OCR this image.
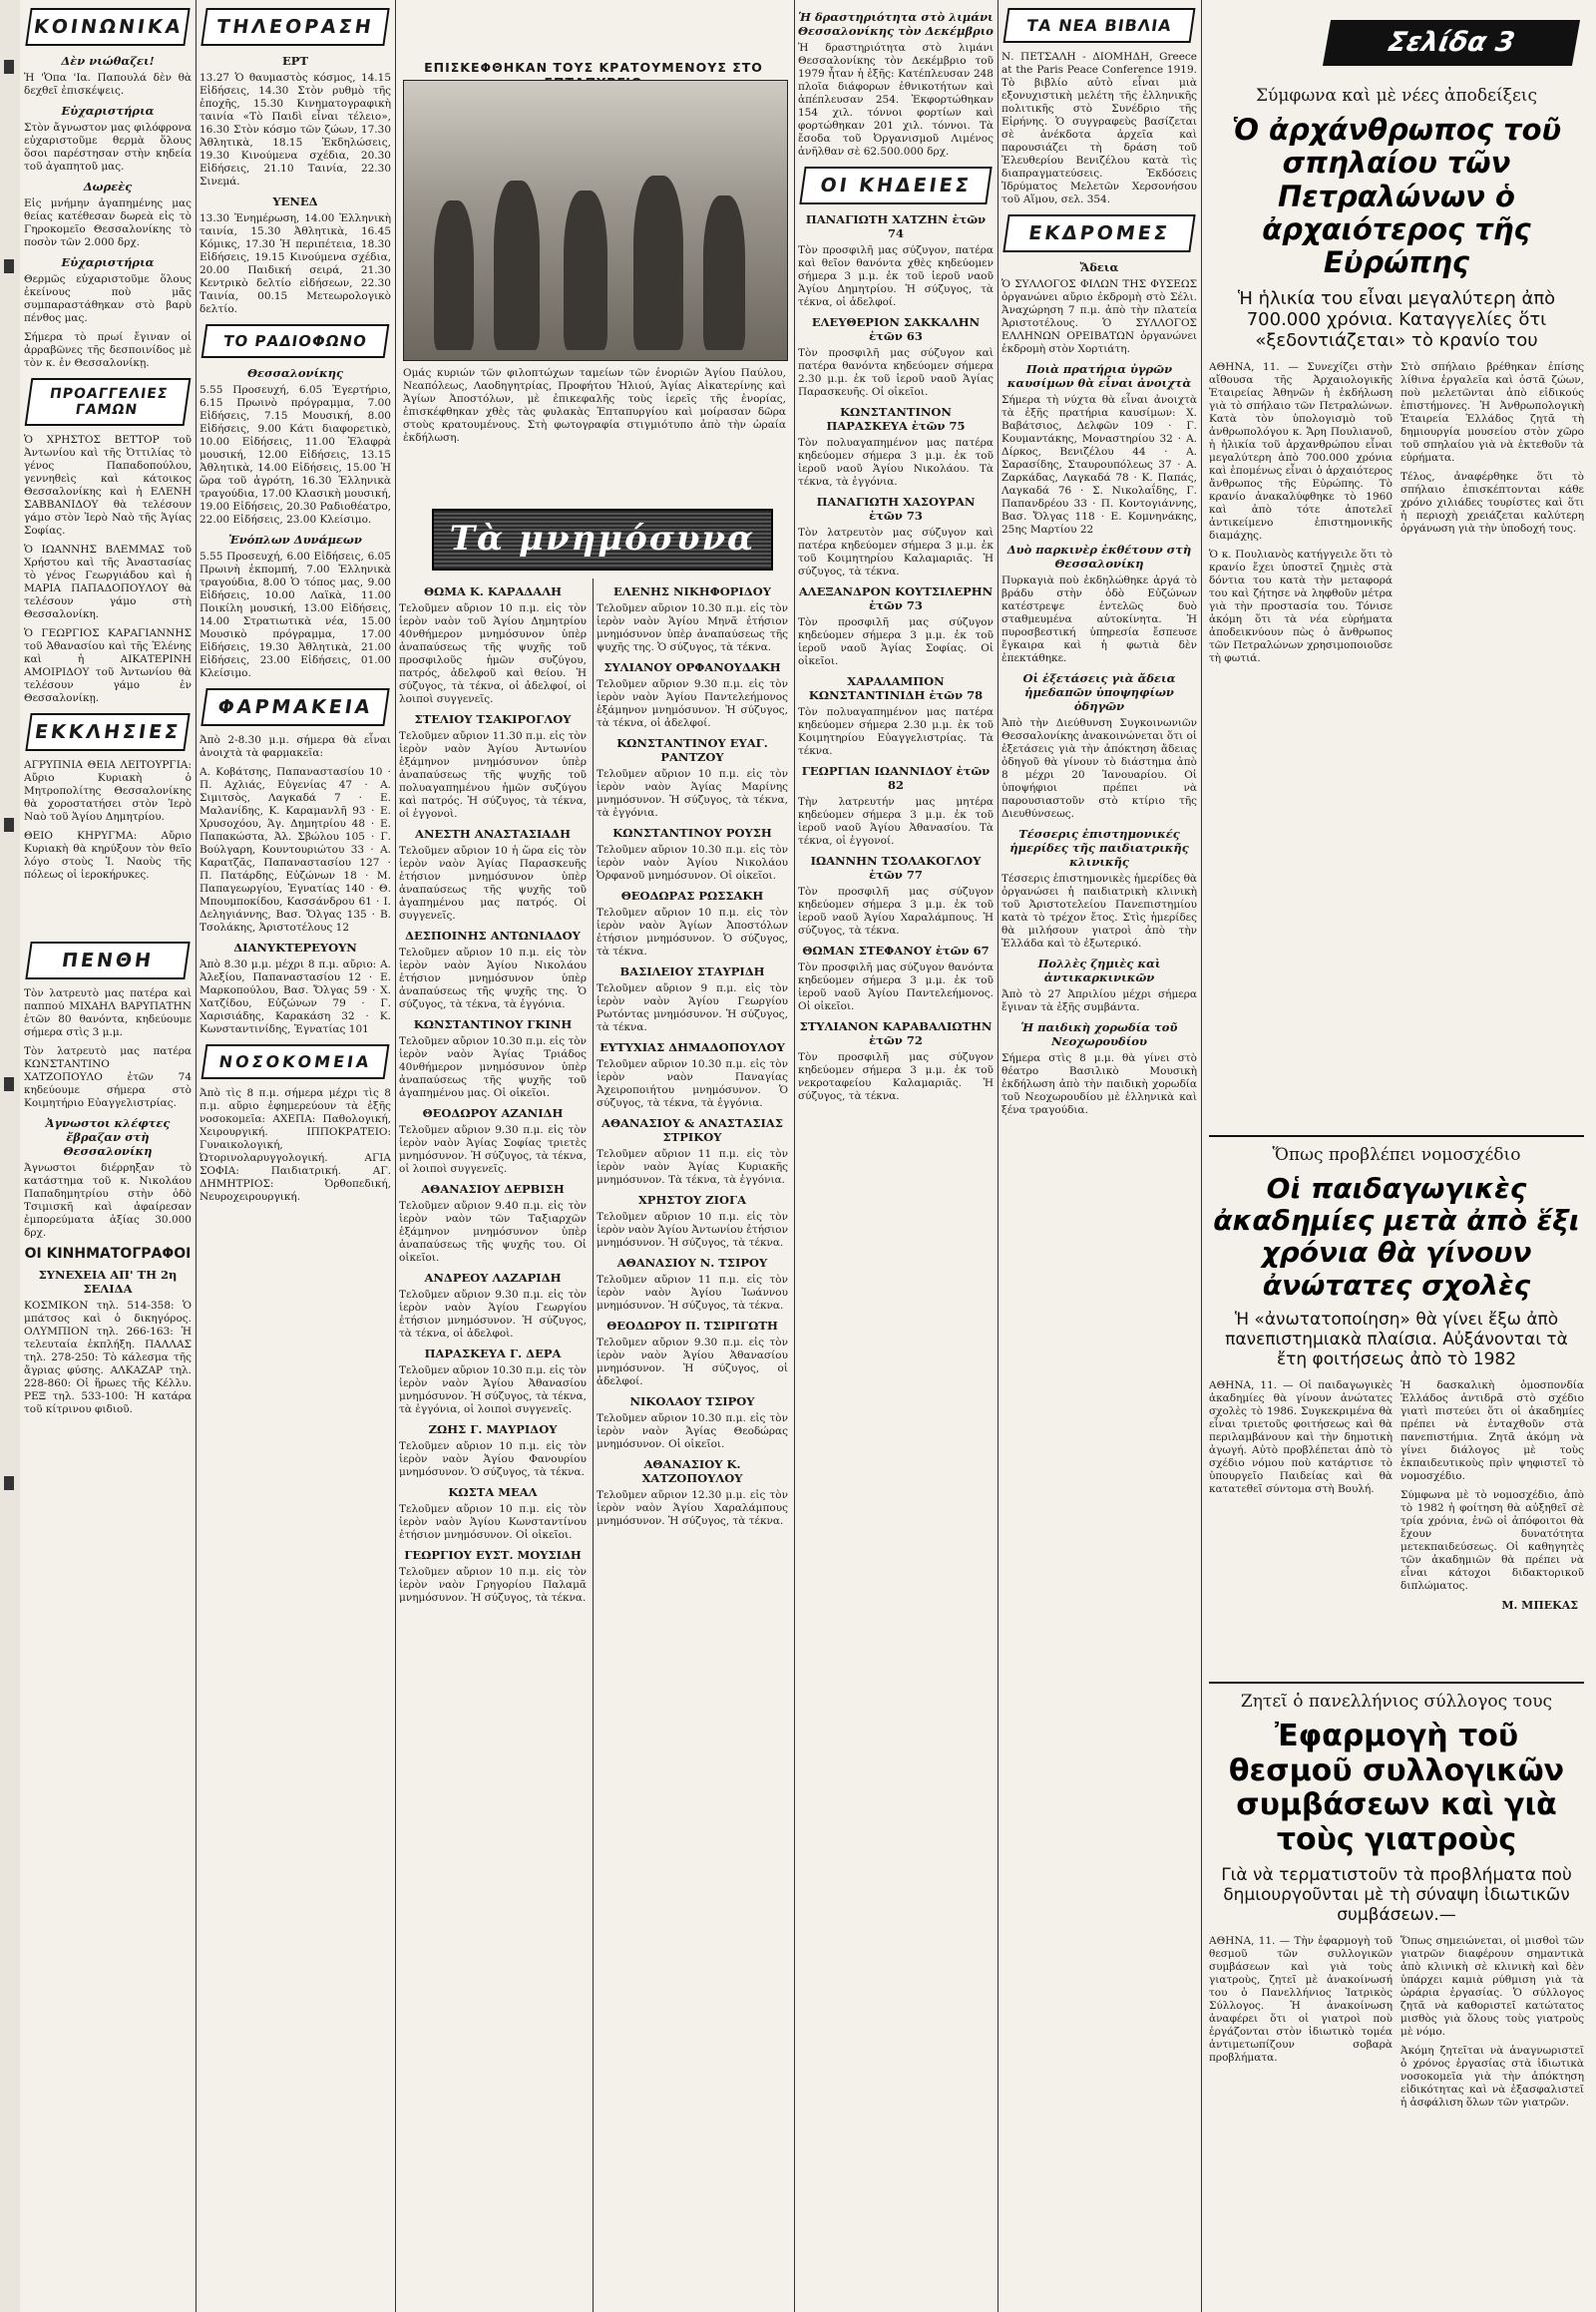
ΚΟΙΝΩΝΙΚΑ
Δὲν νιώθαζει!

Ἡ 'Ὁπα 'Ια. Παπουλά δὲν θὰ δεχθεῖ ἐπισκέψεις.

Εὐχαριστήρια

Στὸν ἄγνωστον μας φιλόφρονα εὐχαριστοῦμε θερμὰ ὅλους ὅσοι παρέστησαν στὴν κηδεία τοῦ ἀγαπητοῦ μας.

Δωρεὲς

Εἰς μνήμην ἀγαπημένης μας θείας κατέθεσαν δωρεὰ εἰς τὸ Γηροκομεῖο Θεσσαλονίκης τὸ ποσὸν τῶν 2.000 δρχ.

Εὐχαριστήρια

Θερμῶς εὐχαριστοῦμε ὅλους ἐκείνους ποὺ μᾶς συμπαραστάθηκαν στὸ βαρὺ πένθος μας.

Σήμερα τὸ πρωί ἔγιναν οἱ ἀρραβῶνες τῆς δεσποινίδος μὲ τὸν κ. ἐν Θεσσαλονίκῃ.

ΠΡΟΑΓΓΕΛΙΕΣ ΓΑΜΩΝ

Ὁ ΧΡΗΣΤΟΣ ΒΕΤΤΟΡ τοῦ Ἀντωνίου καὶ τῆς Ὀττιλίας τὸ γένος Παπαδοπούλου, γεννηθεὶς καὶ κάτοικος Θεσσαλονίκης καὶ ἡ ΕΛΕΝΗ ΣΑΒΒΑΝΙΔΟΥ θὰ τελέσουν γάμο στὸν Ἱερὸ Ναὸ τῆς Ἁγίας Σοφίας.

Ὁ ΙΩΑΝΝΗΣ ΒΛΕΜΜΑΣ τοῦ Χρήστου καὶ τῆς Ἀναστασίας τὸ γένος Γεωργιάδου καὶ ἡ ΜΑΡΙΑ ΠΑΠΑΔΟΠΟΥΛΟΥ θὰ τελέσουν γάμο στὴ Θεσσαλονίκη.

Ὁ ΓΕΩΡΓΙΟΣ ΚΑΡΑΓΙΑΝΝΗΣ τοῦ Ἀθανασίου καὶ τῆς Ἑλένης καὶ ἡ ΑΙΚΑΤΕΡΙΝΗ ΑΜΟΙΡΙΔΟΥ τοῦ Ἀντωνίου θὰ τελέσουν γάμο ἐν Θεσσαλονίκῃ.

ΕΚΚΛΗΣΙΕΣ

ΑΓΡΥΠΝΙΑ ΘΕΙΑ ΛΕΙΤΟΥΡΓΙΑ: Αὔριο Κυριακὴ ὁ Μητροπολίτης Θεσσαλονίκης θὰ χοροστατήσει στὸν Ἱερὸ Ναὸ τοῦ Ἁγίου Δημητρίου.

ΘΕΙΟ ΚΗΡΥΓΜΑ: Αὔριο Κυριακὴ θὰ κηρύξουν τὸν θεῖο λόγο στοὺς Ἱ. Ναοὺς τῆς πόλεως οἱ ἱεροκήρυκες.

ΠΕΝΘΗ

Τὸν λατρευτὸ μας πατέρα καὶ παππού ΜΙΧΑΗΛ ΒΑΡΥΠΑΤΗΝ ἐτῶν 80 θανόντα, κηδεύουμε σήμερα στὶς 3 μ.μ.

Τὸν λατρευτὸ μας πατέρα ΚΩΝΣΤΑΝΤΙΝΟ ΧΑΤΖΟΠΟΥΛΟ ἐτῶν 74 κηδεύουμε σήμερα στὸ Κοιμητήριο Εὐαγγελιστρίας.

Ἀγνωστοι κλέφτες ἔβραζαν στὴ Θεσσαλονίκη

Ἀγνωστοι διέρρηξαν τὸ κατάστημα τοῦ κ. Νικολάου Παπαδημητρίου στὴν ὁδὸ Τσιμισκῆ καὶ ἀφαίρεσαν ἐμπορεύματα ἀξίας 30.000 δρχ.

ΟΙ ΚΙΝΗΜΑΤΟΓΡΑΦΟΙ
ΣΥΝΕΧΕΙΑ ΑΠ' ΤΗ 2η ΣΕΛΙΔΑ

ΚΟΣΜΙΚΟΝ τηλ. 514-358: Ὁ μπάτσος καὶ ὁ δικηγόρος. ΟΛΥΜΠΙΟΝ τηλ. 266-163: Ἡ τελευταία ἐκπλήξη. ΠΑΛΛΑΣ τηλ. 278-250: Τὸ κάλεσμα τῆς ἄγριας φύσης. ΑΛΚΑΖΑΡ τηλ. 228-860: Οἱ ἥρωες τῆς Κέλλυ. ΡΕΞ τηλ. 533-100: Ἡ κατάρα τοῦ κίτρινου φιδιοῦ.

ΤΗΛΕΟΡΑΣΗ
ΕΡΤ

13.27 Ὁ θαυμαστὸς κόσμος, 14.15 Εἰδήσεις, 14.30 Στὸν ρυθμὸ τῆς ἐποχῆς, 15.30 Κινηματογραφικὴ ταινία «Τὸ Παιδὶ εἶναι τέλειο», 16.30 Στὸν κόσμο τῶν ζώων, 17.30 Ἀθλητικὰ, 18.15 Ἐκδηλώσεις, 19.30 Κινούμενα σχέδια, 20.30 Εἰδήσεις, 21.10 Ταινία, 22.30 Σινεμά.

ΥΕΝΕΔ

13.30 Ἐνημέρωση, 14.00 Ἑλληνικὴ ταινία, 15.30 Ἀθλητικὰ, 16.45 Κόμικς, 17.30 Ἡ περιπέτεια, 18.30 Εἰδήσεις, 19.15 Κινούμενα σχέδια, 20.00 Παιδική σειρά, 21.30 Κεντρικὸ δελτίο εἰδήσεων, 22.30 Ταινία, 00.15 Μετεωρολογικὸ δελτίο.

ΤΟ ΡΑΔΙΟΦΩΝΟ
Θεσσαλονίκης

5.55 Προσευχή, 6.05 Ἐγερτήριο, 6.15 Πρωινὸ πρόγραμμα, 7.00 Εἰδήσεις, 7.15 Μουσική, 8.00 Εἰδήσεις, 9.00 Κάτι διαφορετικὸ, 10.00 Εἰδήσεις, 11.00 Ἐλαφρὰ μουσική, 12.00 Εἰδήσεις, 13.15 Ἀθλητικὰ, 14.00 Εἰδήσεις, 15.00 Ἡ ὥρα τοῦ ἀγρότη, 16.30 Ἑλληνικὰ τραγούδια, 17.00 Κλασικὴ μουσική, 19.00 Εἰδήσεις, 20.30 Ραδιοθέατρο, 22.00 Εἰδήσεις, 23.00 Κλείσιμο.

Ἐνόπλων Δυνάμεων

5.55 Προσευχή, 6.00 Εἰδήσεις, 6.05 Πρωινὴ ἐκπομπή, 7.00 Ἑλληνικὰ τραγούδια, 8.00 Ὁ τόπος μας, 9.00 Εἰδήσεις, 10.00 Λαϊκὰ, 11.00 Ποικίλη μουσική, 13.00 Εἰδήσεις, 14.00 Στρατιωτικὰ νέα, 15.00 Μουσικὸ πρόγραμμα, 17.00 Εἰδήσεις, 19.30 Ἀθλητικὰ, 21.00 Εἰδήσεις, 23.00 Εἰδήσεις, 01.00 Κλείσιμο.

ΦΑΡΜΑΚΕΙΑ

Ἀπὸ 2-8.30 μ.μ. σήμερα θὰ εἶναι ἀνοιχτὰ τὰ φαρμακεῖα:

Α. Κοβάτσης, Παπαναστασίου 10 · Π. Αχλιάς, Εὐγενίας 47 · Α. Σιμιτσὸς, Λαγκαδά 7 · Ε. Μαλανίδης, Κ. Καραμανλῆ 93 · Ε. Χρυσοχόου, Ἁγ. Δημητρίου 48 · Ε. Παπακώστα, Ἀλ. Σβώλου 105 · Γ. Βούλγαρη, Κουντουριώτου 33 · Α. Καρατζᾶς, Παπαναστασίου 127 · Π. Πατάρδης, Εὐζώνων 18 · Μ. Παπαγεωργίου, Ἐγνατίας 140 · Θ. Μπουμποκίδου, Κασσάνδρου 61 · Ι. Δεληγιάννης, Βασ. Ὄλγας 135 · Β. Τσολάκης, Ἀριστοτέλους 12

ΔΙΑΝΥΚΤΕΡΕΥΟΥΝ

Ἀπὸ 8.30 μ.μ. μέχρι 8 π.μ. αὔριο: Α. Ἀλεξίου, Παπαναστασίου 12 · Ε. Μαρκοπούλου, Βασ. Ὄλγας 59 · Χ. Χατζίδου, Εὐζώνων 79 · Γ. Χαρισιάδης, Καρακάση 32 · Κ. Κωνσταντινίδης, Ἐγνατίας 101

ΝΟΣΟΚΟΜΕΙΑ

Ἀπὸ τὶς 8 π.μ. σήμερα μέχρι τὶς 8 π.μ. αὔριο ἐφημερεύουν τὰ ἑξῆς νοσοκομεῖα: ΑΧΕΠΑ: Παθολογική, Χειρουργική. ΙΠΠΟΚΡΑΤΕΙΟ: Γυναικολογική, Ὠτορινολαρυγγολογική. ΑΓΙΑ ΣΟΦΙΑ: Παιδιατρική. ΑΓ. ΔΗΜΗΤΡΙΟΣ: Ὀρθοπεδική, Νευροχειρουργική.

ΕΠΙΣΚΕΦΘΗΚΑΝ ΤΟΥΣ ΚΡΑΤΟΥΜΕΝΟΥΣ ΣΤΟ
Ομάς κυριών τῶν φιλοπτώχων ταμείων τῶν ἐνοριῶν Ἁγίου Παύλου, Νεαπόλεως, Λαοδηγητρίας, Προφήτου Ἠλιού, Ἁγίας Αἰκατερίνης καὶ Ἁγίων Ἀποστόλων, μὲ ἐπικεφαλῆς τοὺς ἱερεῖς τῆς ἐνορίας, ἐπισκέφθηκαν χθὲς τὰς φυλακὰς Ἑπταπυργίου καὶ μοίρασαν δῶρα στοὺς κρατουμένους. Στὴ φωτογραφία στιγμιότυπο ἀπὸ τὴν ὡραία ἐκδήλωση.
Τὰ μνημόσυνα
ΘΩΜΑ Κ. ΚΑΡΑΔΑΛΗ

Τελοῦμεν αὔριον 10 π.μ. εἰς τὸν ἱερὸν ναὸν τοῦ Ἁγίου Δημητρίου 40νθήμερον μνημόσυνον ὑπὲρ ἀναπαύσεως τῆς ψυχῆς τοῦ προσφιλοῦς ἡμῶν συζύγου, πατρός, ἀδελφοῦ καὶ θείου. Ἡ σύζυγος, τὰ τέκνα, οἱ ἀδελφοί, οἱ λοιποὶ συγγενεῖς.

ΣΤΕΛΙΟΥ ΤΣΑΚΙΡΟΓΛΟΥ

Τελοῦμεν αὔριον 11.30 π.μ. εἰς τὸν ἱερὸν ναὸν Ἁγίου Ἀντωνίου ἑξάμηνον μνημόσυνον ὑπὲρ ἀναπαύσεως τῆς ψυχῆς τοῦ πολυαγαπημένου ἡμῶν συζύγου καὶ πατρός. Ἡ σύζυγος, τὰ τέκνα, οἱ ἐγγονοὶ.

ΑΝΕΣΤΗ ΑΝΑΣΤΑΣΙΑΔΗ

Τελοῦμεν αὔριον 10 ἡ ὥρα εἰς τὸν ἱερὸν ναὸν Ἁγίας Παρασκευῆς ἐτήσιον μνημόσυνον ὑπὲρ ἀναπαύσεως τῆς ψυχῆς τοῦ ἀγαπημένου μας πατρός. Οἱ συγγενεῖς.

ΔΕΣΠΟΙΝΗΣ ΑΝΤΩΝΙΑΔΟΥ

Τελοῦμεν αὔριον 10 π.μ. εἰς τὸν ἱερὸν ναὸν Ἁγίου Νικολάου ἐτήσιον μνημόσυνον ὑπὲρ ἀναπαύσεως τῆς ψυχῆς της. Ὁ σύζυγος, τὰ τέκνα, τὰ ἐγγόνια.

ΚΩΝΣΤΑΝΤΙΝΟΥ ΓΚΙΝΗ

Τελοῦμεν αὔριον 10.30 π.μ. εἰς τὸν ἱερὸν ναὸν Ἁγίας Τριάδος 40νθήμερον μνημόσυνον ὑπὲρ ἀναπαύσεως τῆς ψυχῆς τοῦ ἀγαπημένου μας. Οἱ οἰκεῖοι.

ΘΕΟΔΩΡΟΥ ΑΖΑΝΙΔΗ

Τελοῦμεν αὔριον 9.30 π.μ. εἰς τὸν ἱερὸν ναὸν Ἁγίας Σοφίας τριετὲς μνημόσυνον. Ἡ σύζυγος, τὰ τέκνα, οἱ λοιποὶ συγγενεῖς.

ΑΘΑΝΑΣΙΟΥ ΔΕΡΒΙΣΗ

Τελοῦμεν αὔριον 9.40 π.μ. εἰς τὸν ἱερὸν ναὸν τῶν Ταξιαρχῶν ἑξάμηνον μνημόσυνον ὑπὲρ ἀναπαύσεως τῆς ψυχῆς του. Οἱ οἰκεῖοι.

ΑΝΔΡΕΟΥ ΛΑΖΑΡΙΔΗ

Τελοῦμεν αὔριον 9.30 π.μ. εἰς τὸν ἱερὸν ναὸν Ἁγίου Γεωργίου ἐτήσιον μνημόσυνον. Ἡ σύζυγος, τὰ τέκνα, οἱ ἀδελφοὶ.

ΠΑΡΑΣΚΕΥΑ Γ. ΔΕΡΑ

Τελοῦμεν αὔριον 10.30 π.μ. εἰς τὸν ἱερὸν ναὸν Ἁγίου Ἀθανασίου μνημόσυνον. Ἡ σύζυγος, τὰ τέκνα, τὰ ἐγγόνια, οἱ λοιποὶ συγγενεῖς.

ΖΩΗΣ Γ. ΜΑΥΡΙΔΟΥ

Τελοῦμεν αὔριον 10 π.μ. εἰς τὸν ἱερὸν ναὸν Ἁγίου Φανουρίου μνημόσυνον. Ὁ σύζυγος, τὰ τέκνα.

ΚΩΣΤΑ ΜΕΑΛ

Τελοῦμεν αὔριον 10 π.μ. εἰς τὸν ἱερὸν ναὸν Ἁγίου Κωνσταντίνου ἐτήσιον μνημόσυνον. Οἱ οἰκεῖοι.

ΓΕΩΡΓΙΟΥ ΕΥΣΤ. ΜΟΥΣΙΔΗ

Τελοῦμεν αὔριον 10 π.μ. εἰς τὸν ἱερὸν ναὸν Γρηγορίου Παλαμᾶ μνημόσυνον. Ἡ σύζυγος, τὰ τέκνα.

ΕΛΕΝΗΣ ΝΙΚΗΦΟΡΙΔΟΥ

Τελοῦμεν αὔριον 10.30 π.μ. εἰς τὸν ἱερὸν ναὸν Ἁγίου Μηνᾶ ἐτήσιον μνημόσυνον ὑπὲρ ἀναπαύσεως τῆς ψυχῆς της. Ὁ σύζυγος, τὰ τέκνα.

ΣΥΛΙΑΝΟΥ ΟΡΦΑΝΟΥΔΑΚΗ

Τελοῦμεν αὔριον 9.30 π.μ. εἰς τὸν ἱερὸν ναὸν Ἁγίου Παντελεήμονος ἑξάμηνον μνημόσυνον. Ἡ σύζυγος, τὰ τέκνα, οἱ ἀδελφοί.

ΚΩΝΣΤΑΝΤΙΝΟΥ ΕΥΑΓ. ΡΑΝΤΖΟΥ

Τελοῦμεν αὔριον 10 π.μ. εἰς τὸν ἱερὸν ναὸν Ἁγίας Μαρίνης μνημόσυνον. Ἡ σύζυγος, τὰ τέκνα, τὰ ἐγγόνια.

ΚΩΝΣΤΑΝΤΙΝΟΥ ΡΟΥΣΗ

Τελοῦμεν αὔριον 10.30 π.μ. εἰς τὸν ἱερὸν ναὸν Ἁγίου Νικολάου Ὀρφανοῦ μνημόσυνον. Οἱ οἰκεῖοι.

ΘΕΟΔΩΡΑΣ ΡΩΣΣΑΚΗ

Τελοῦμεν αὔριον 10 π.μ. εἰς τὸν ἱερὸν ναὸν Ἁγίων Ἀποστόλων ἐτήσιον μνημόσυνον. Ὁ σύζυγος, τὰ τέκνα.

ΒΑΣΙΛΕΙΟΥ ΣΤΑΥΡΙΔΗ

Τελοῦμεν αὔριον 9 π.μ. εἰς τὸν ἱερὸν ναὸν Ἁγίου Γεωργίου Ρωτόντας μνημόσυνον. Ἡ σύζυγος, τὰ τέκνα.

ΕΥΤΥΧΙΑΣ ΔΗΜΑΔΟΠΟΥΛΟΥ

Τελοῦμεν αὔριον 10.30 π.μ. εἰς τὸν ἱερὸν ναὸν Παναγίας Ἀχειροποιήτου μνημόσυνον. Ὁ σύζυγος, τὰ τέκνα, τὰ ἐγγόνια.

ΑΘΑΝΑΣΙΟΥ & ΑΝΑΣΤΑΣΙΑΣ ΣΤΡΙΚΟΥ

Τελοῦμεν αὔριον 11 π.μ. εἰς τὸν ἱερὸν ναὸν Ἁγίας Κυριακῆς μνημόσυνον. Τὰ τέκνα, τὰ ἐγγόνια.

ΧΡΗΣΤΟΥ ΖΙΟΓΑ

Τελοῦμεν αὔριον 10 π.μ. εἰς τὸν ἱερὸν ναὸν Ἁγίου Ἀντωνίου ἐτήσιον μνημόσυνον. Ἡ σύζυγος, τὰ τέκνα.

ΑΘΑΝΑΣΙΟΥ Ν. ΤΣΙΡΟΥ

Τελοῦμεν αὔριον 11 π.μ. εἰς τὸν ἱερὸν ναὸν Ἁγίου Ἰωάννου μνημόσυνον. Ἡ σύζυγος, τὰ τέκνα.

ΘΕΟΔΩΡΟΥ Π. ΤΣΙΡΙΓΩΤΗ

Τελοῦμεν αὔριον 9.30 π.μ. εἰς τὸν ἱερὸν ναὸν Ἁγίου Ἀθανασίου μνημόσυνον. Ἡ σύζυγος, οἱ ἀδελφοί.

ΝΙΚΟΛΑΟΥ ΤΣΙΡΟΥ

Τελοῦμεν αὔριον 10.30 π.μ. εἰς τὸν ἱερὸν ναὸν Ἁγίας Θεοδώρας μνημόσυνον. Οἱ οἰκεῖοι.

ΑΘΑΝΑΣΙΟΥ Κ. ΧΑΤΖΟΠΟΥΛΟΥ

Τελοῦμεν αὔριον 12.30 μ.μ. εἰς τὸν ἱερὸν ναὸν Ἁγίου Χαραλάμπους μνημόσυνον. Ἡ σύζυγος, τὰ τέκνα.

Ἡ δραστηριότητα στὸ λιμάνι Θεσσαλονίκης τὸν Δεκέμβριο

Ἡ δραστηριότητα στὸ λιμάνι Θεσσαλονίκης τὸν Δεκέμβριο τοῦ 1979 ἦταν ἡ ἑξῆς: Κατέπλευσαν 248 πλοῖα διάφορων ἐθνικοτήτων καὶ ἀπέπλευσαν 254. Ἐκφορτώθηκαν 154 χιλ. τόννοι φορτίων καὶ φορτώθηκαν 201 χιλ. τόννοι. Τὰ ἔσοδα τοῦ Ὀργανισμοῦ Λιμένος ἀνῆλθαν σὲ 62.500.000 δρχ.

ΟΙ ΚΗΔΕΙΕΣ
ΠΑΝΑΓΙΩΤΗ ΧΑΤΖΗΝ ἐτῶν 74

Τὸν προσφιλῆ μας σύζυγον, πατέρα καὶ θεῖον θανόντα χθὲς κηδεύομεν σήμερα 3 μ.μ. ἐκ τοῦ ἱεροῦ ναοῦ Ἁγίου Δημητρίου. Ἡ σύζυγος, τὰ τέκνα, οἱ ἀδελφοί.

ΕΛΕΥΘΕΡΙΟΝ ΣΑΚΚΑΛΗΝ ἐτῶν 63

Τὸν προσφιλῆ μας σύζυγον καὶ πατέρα θανόντα κηδεύομεν σήμερα 2.30 μ.μ. ἐκ τοῦ ἱεροῦ ναοῦ Ἁγίας Παρασκευῆς. Οἱ οἰκεῖοι.

ΚΩΝΣΤΑΝΤΙΝΟΝ ΠΑΡΑΣΚΕΥΑ ἐτῶν 75

Τὸν πολυαγαπημένον μας πατέρα κηδεύομεν σήμερα 3 μ.μ. ἐκ τοῦ ἱεροῦ ναοῦ Ἁγίου Νικολάου. Τὰ τέκνα, τὰ ἐγγόνια.

ΠΑΝΑΓΙΩΤΗ ΧΑΣΟΥΡΑΝ ἐτῶν 73

Τὸν λατρευτὸν μας σύζυγον καὶ πατέρα κηδεύομεν σήμερα 3 μ.μ. ἐκ τοῦ Κοιμητηρίου Καλαμαριᾶς. Ἡ σύζυγος, τὰ τέκνα.

ΑΛΕΞΑΝΔΡΟΝ ΚΟΥΤΣΙΛΕΡΗΝ ἐτῶν 73

Τὸν προσφιλῆ μας σύζυγον κηδεύομεν σήμερα 3 μ.μ. ἐκ τοῦ ἱεροῦ ναοῦ Ἁγίας Σοφίας. Οἱ οἰκεῖοι.

ΧΑΡΑΛΑΜΠΟΝ ΚΩΝΣΤΑΝΤΙΝΙΔΗ ἐτῶν 78

Τὸν πολυαγαπημένον μας πατέρα κηδεύομεν σήμερα 2.30 μ.μ. ἐκ τοῦ Κοιμητηρίου Εὐαγγελιστρίας. Τὰ τέκνα.

ΓΕΩΡΓΙΑΝ ΙΩΑΝΝΙΔΟΥ ἐτῶν 82

Τὴν λατρευτήν μας μητέρα κηδεύομεν σήμερα 3 μ.μ. ἐκ τοῦ ἱεροῦ ναοῦ Ἁγίου Ἀθανασίου. Τὰ τέκνα, οἱ ἐγγονοί.

ΙΩΑΝΝΗΝ ΤΣΟΛΑΚΟΓΛΟΥ ἐτῶν 77

Τὸν προσφιλῆ μας σύζυγον κηδεύομεν σήμερα 3 μ.μ. ἐκ τοῦ ἱεροῦ ναοῦ Ἁγίου Χαραλάμπους. Ἡ σύζυγος, τὰ τέκνα.

ΘΩΜΑΝ ΣΤΕΦΑΝΟΥ ἐτῶν 67

Τὸν προσφιλῆ μας σύζυγον θανόντα κηδεύομεν σήμερα 3 μ.μ. ἐκ τοῦ ἱεροῦ ναοῦ Ἁγίου Παντελεήμονος. Οἱ οἰκεῖοι.

ΣΤΥΛΙΑΝΟΝ ΚΑΡΑΒΑΛΙΩΤΗΝ ἐτῶν 72

Τὸν προσφιλῆ μας σύζυγον κηδεύομεν σήμερα 3 μ.μ. ἐκ τοῦ νεκροταφείου Καλαμαριᾶς. Ἡ σύζυγος, τὰ τέκνα.

ΤΑ ΝΕΑ ΒΙΒΛΙΑ

Ν. ΠΕΤΣΑΛΗ - ΔΙΟΜΗΔΗ, Greece at the Paris Peace Conference 1919. Τὸ βιβλίο αὐτὸ εἶναι μιὰ εξονυχιστικὴ μελέτη τῆς ἑλληνικῆς πολιτικῆς στὸ Συνέδριο τῆς Εἰρήνης. Ὁ συγγραφεὺς βασίζεται σὲ ἀνέκδοτα ἀρχεῖα καὶ παρουσιάζει τὴ δράση τοῦ Ἐλευθερίου Βενιζέλου κατὰ τὶς διαπραγματεύσεις. Ἐκδόσεις Ἱδρύματος Μελετῶν Χερσονήσου τοῦ Αἵμου, σελ. 354.

ΕΚΔΡΟΜΕΣ
Ἄδεια

Ὁ ΣΥΛΛΟΓΟΣ ΦΙΛΩΝ ΤΗΣ ΦΥΣΕΩΣ ὀργανώνει αὔριο ἐκδρομὴ στὸ Σέλι. Ἀναχώρηση 7 π.μ. ἀπὸ τὴν πλατεία Ἀριστοτέλους. Ὁ ΣΥΛΛΟΓΟΣ ΕΛΛΗΝΩΝ ΟΡΕΙΒΑΤΩΝ ὀργανώνει ἐκδρομὴ στὸν Χορτιάτη.

Ποιὰ πρατήρια ὑγρῶν καυσίμων θὰ εἶναι ἀνοιχτὰ

Σήμερα τὴ νύχτα θὰ εἶναι ἀνοιχτὰ τὰ ἑξῆς πρατήρια καυσίμων: Χ. Βαβάτσιος, Δελφῶν 109 · Γ. Κουμαντάκης, Μοναστηρίου 32 · Α. Δίρκος, Βενιζέλου 44 · Α. Σαρασίδης, Σταυρουπόλεως 37 · Α. Ζαρκάδας, Λαγκαδά 78 · Κ. Παπάς, Λαγκαδά 76 · Σ. Νικολαΐδης, Γ. Παπανδρέου 33 · Π. Κοντογιάννης, Βασ. Ὄλγας 118 · Ε. Κομνηνάκης, 25ης Μαρτίου 22

Δυὸ παρκινὲρ ἐκθέτουν στὴ Θεσσαλονίκη

Πυρκαγιὰ ποὺ ἐκδηλώθηκε ἀργά τὸ βράδυ στὴν ὁδὸ Εὐζώνων κατέστρεψε ἐντελῶς δυὸ σταθμευμένα αὐτοκίνητα. Ἡ πυροσβεστική ὑπηρεσία ἔσπευσε ἔγκαιρα καὶ ἡ φωτιὰ δὲν ἐπεκτάθηκε.

Οἱ ἐξετάσεις γιὰ ἄδεια ἡμεδαπῶν ὑποψηφίων ὁδηγῶν

Ἀπὸ τὴν Διεύθυνση Συγκοινωνιῶν Θεσσαλονίκης ἀνακοινώνεται ὅτι οἱ ἐξετάσεις γιὰ τὴν ἀπόκτηση ἄδειας ὁδηγοῦ θὰ γίνουν τὸ διάστημα ἀπὸ 8 μέχρι 20 Ἰανουαρίου. Οἱ ὑποψήφιοι πρέπει νὰ παρουσιαστοῦν στὸ κτίριο τῆς Διευθύνσεως.

Τέσσερις ἐπιστημονικές ἡμερίδες τῆς παιδιατρικῆς κλινικῆς

Τέσσερις ἐπιστημονικὲς ἡμερίδες θὰ ὀργανώσει ἡ παιδιατρικὴ κλινικὴ τοῦ Ἀριστοτελείου Πανεπιστημίου κατὰ τὸ τρέχον ἔτος. Στὶς ἡμερίδες θὰ μιλήσουν γιατροὶ ἀπὸ τὴν Ἑλλάδα καὶ τὸ ἐξωτερικό.

Πολλὲς ζημιὲς καὶ ἀντικαρκινικῶν

Ἀπὸ τὸ 27 Ἀπριλίου μέχρι σήμερα ἔγιναν τὰ ἑξῆς συμβάντα.

Ἡ παιδικὴ χορωδία τοῦ Νεοχωρουδίου

Σήμερα στὶς 8 μ.μ. θὰ γίνει στὸ θέατρο Βασιλικὸ Μουσικὴ ἐκδήλωση ἀπὸ τὴν παιδικὴ χορωδία τοῦ Νεοχωρουδίου μὲ ἑλληνικὰ καὶ ξένα τραγούδια.

Σελίδα 3
Σύμφωνα καὶ μὲ νέες ἀποδείξεις
Ὁ ἀρχάνθρωπος τοῦ σπηλαίου τῶν Πετραλώνων ὁ ἀρχαιότερος τῆς Εὐρώπης
Ἡ ἡλικία του εἶναι μεγαλύτερη ἀπὸ 700.000 χρόνια. Καταγγελίες ὅτι «ξεδοντιάζεται» τὸ κρανίο του

ΑΘΗΝΑ, 11. — Συνεχίζει στὴν αἴθουσα τῆς Ἀρχαιολογικῆς Ἑταιρείας Ἀθηνῶν ἡ ἐκδήλωση γιὰ τὸ σπήλαιο τῶν Πετραλώνων. Κατὰ τὸν ὑπολογισμὸ τοῦ ἀνθρωπολόγου κ. Ἄρη Πουλιανοῦ, ἡ ἡλικία τοῦ ἀρχανθρώπου εἶναι μεγαλύτερη ἀπὸ 700.000 χρόνια καὶ ἑπομένως εἶναι ὁ ἀρχαιότερος ἄνθρωπος τῆς Εὐρώπης. Τὸ κρανίο ἀνακαλύφθηκε τὸ 1960 καὶ ἀπὸ τότε ἀποτελεῖ ἀντικείμενο ἐπιστημονικῆς διαμάχης.

Ὁ κ. Πουλιανὸς κατήγγειλε ὅτι τὸ κρανίο ἔχει ὑποστεῖ ζημιὲς στὰ δόντια του κατὰ τὴν μεταφορά του καὶ ζήτησε νὰ ληφθοῦν μέτρα γιὰ τὴν προστασία του. Τόνισε ἀκόμη ὅτι τὰ νέα εὑρήματα ἀποδεικνύουν πὼς ὁ ἄνθρωπος τῶν Πετραλώνων χρησιμοποιοῦσε τὴ φωτιά.

Στὸ σπήλαιο βρέθηκαν ἐπίσης λίθινα ἐργαλεῖα καὶ ὀστᾶ ζώων, ποὺ μελετῶνται ἀπὸ εἰδικούς ἐπιστήμονες. Ἡ Ἀνθρωπολογικὴ Ἑταιρεία Ἑλλάδος ζητᾶ τὴ δημιουργία μουσείου στὸν χῶρο τοῦ σπηλαίου γιὰ νὰ ἐκτεθοῦν τὰ εὑρήματα.

Τέλος, ἀναφέρθηκε ὅτι τὸ σπήλαιο ἐπισκέπτονται κάθε χρόνο χιλιάδες τουρίστες καὶ ὅτι ἡ περιοχὴ χρειάζεται καλύτερη ὀργάνωση γιὰ τὴν ὑποδοχή τους.

Ὅπως προβλέπει νομοσχέδιο
Οἱ παιδαγωγικὲς ἀκαδημίες μετὰ ἀπὸ ἕξι χρόνια θὰ γίνουν ἀνώτατες σχολὲς
Ἡ «ἀνωτατοποίηση» θὰ γίνει ἔξω ἀπὸ πανεπιστημιακὰ πλαίσια. Αὐξάνονται τὰ ἔτη φοιτήσεως ἀπὸ τὸ 1982

ΑΘΗΝΑ, 11. — Οἱ παιδαγωγικὲς ἀκαδημίες θὰ γίνουν ἀνώτατες σχολὲς τὸ 1986. Συγκεκριμένα θὰ εἶναι τριετοῦς φοιτήσεως καὶ θὰ περιλαμβάνουν καὶ τὴν δημοτικὴ ἀγωγή. Αὐτὸ προβλέπεται ἀπὸ τὸ σχέδιο νόμου ποὺ κατάρτισε τὸ ὑπουργεῖο Παιδείας καὶ θὰ κατατεθεῖ σύντομα στὴ Βουλή.

Ἡ δασκαλικὴ ὁμοσπονδία Ἑλλάδος ἀντιδρᾶ στὸ σχέδιο γιατὶ πιστεύει ὅτι οἱ ἀκαδημίες πρέπει νὰ ἐνταχθοῦν στὰ πανεπιστήμια. Ζητᾶ ἀκόμη νὰ γίνει διάλογος μὲ τοὺς ἐκπαιδευτικοὺς πρὶν ψηφιστεῖ τὸ νομοσχέδιο.

Σύμφωνα μὲ τὸ νομοσχέδιο, ἀπὸ τὸ 1982 ἡ φοίτηση θὰ αὐξηθεῖ σὲ τρία χρόνια, ἐνῶ οἱ ἀπόφοιτοι θὰ ἔχουν δυνατότητα μετεκπαιδεύσεως. Οἱ καθηγητὲς τῶν ἀκαδημιῶν θὰ πρέπει νὰ εἶναι κάτοχοι διδακτορικοῦ διπλώματος.

Μ. ΜΠΕΚΑΣ
Ζητεῖ ὁ πανελλήνιος σύλλογος τους
Ἐφαρμογὴ τοῦ θεσμοῦ συλλογικῶν συμβάσεων καὶ γιὰ τοὺς γιατροὺς
Γιὰ νὰ τερματιστοῦν τὰ προβλήματα ποὺ δημιουργοῦνται μὲ τὴ σύναψη ἰδιωτικῶν συμβάσεων.—

ΑΘΗΝΑ, 11. — Τὴν ἐφαρμογὴ τοῦ θεσμοῦ τῶν συλλογικῶν συμβάσεων καὶ γιὰ τοὺς γιατροὺς, ζητεῖ μὲ ἀνακοίνωσή του ὁ Πανελλήνιος Ἰατρικὸς Σύλλογος. Ἡ ἀνακοίνωση ἀναφέρει ὅτι οἱ γιατροὶ ποὺ ἐργάζονται στὸν ἰδιωτικὸ τομέα ἀντιμετωπίζουν σοβαρὰ προβλήματα.

Ὅπως σημειώνεται, οἱ μισθοὶ τῶν γιατρῶν διαφέρουν σημαντικὰ ἀπὸ κλινικὴ σὲ κλινικὴ καὶ δὲν ὑπάρχει καμιὰ ρύθμιση γιὰ τὰ ὡράρια ἐργασίας. Ὁ σύλλογος ζητᾶ νὰ καθοριστεῖ κατώτατος μισθὸς γιὰ ὅλους τοὺς γιατροὺς μὲ νόμο.

Ἀκόμη ζητεῖται νὰ ἀναγνωριστεῖ ὁ χρόνος ἐργασίας στὰ ἰδιωτικὰ νοσοκομεῖα γιὰ τὴν ἀπόκτηση εἰδικότητας καὶ νὰ ἐξασφαλιστεῖ ἡ ἀσφάλιση ὅλων τῶν γιατρῶν.
